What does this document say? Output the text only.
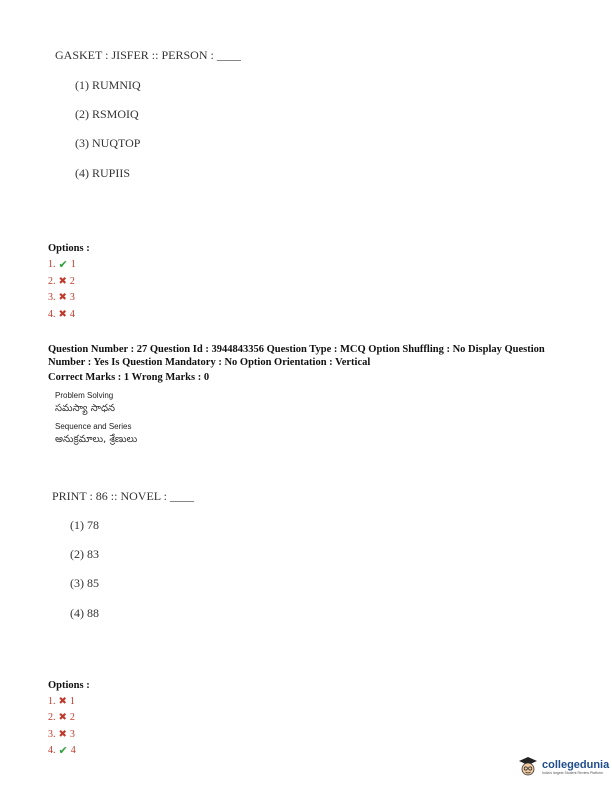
GASKET : JISFER :: PERSON : ____
(1) RUMNIQ
(2) RSMOIQ
(3) NUQTOP
(4) RUPIIS
Options :
1. ✔ 1
2. ✖ 2
3. ✖ 3
4. ✖ 4
Question Number : 27 Question Id : 3944843356 Question Type : MCQ Option Shuffling : No Display Question Number : Yes Is Question Mandatory : No Option Orientation : Vertical
Correct Marks : 1 Wrong Marks : 0
Problem Solving
సమస్యా సాధన
Sequence and Series
అనుక్రమాలు, శ్రేణులు
PRINT : 86 :: NOVEL : ____
(1) 78
(2) 83
(3) 85
(4) 88
Options :
1. ✖ 1
2. ✖ 2
3. ✖ 3
4. ✔ 4
collegedunia
India's largest Student Review Platform
